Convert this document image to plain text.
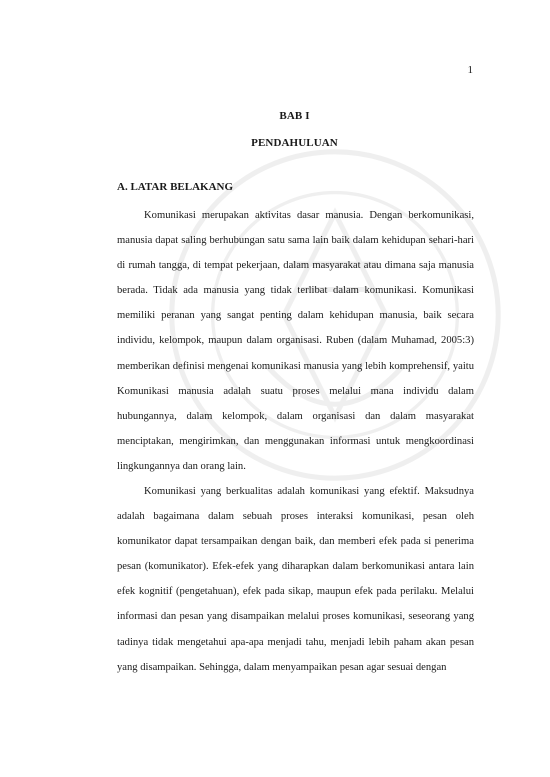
1
BAB I
PENDAHULUAN
A. LATAR BELAKANG

Komunikasi merupakan aktivitas dasar manusia. Dengan berkomunikasi, manusia dapat saling berhubungan satu sama lain baik dalam kehidupan sehari-hari di rumah tangga, di tempat pekerjaan, dalam masyarakat atau dimana saja manusia berada. Tidak ada manusia yang tidak terlibat dalam komunikasi. Komunikasi memiliki peranan yang sangat penting dalam kehidupan manusia, baik secara individu, kelompok, maupun dalam organisasi. Ruben (dalam Muhamad, 2005:3) memberikan definisi mengenai komunikasi manusia yang lebih komprehensif, yaitu Komunikasi manusia adalah suatu proses melalui mana individu dalam hubungannya, dalam kelompok, dalam organisasi dan dalam masyarakat menciptakan, mengirimkan, dan menggunakan informasi untuk mengkoordinasi lingkungannya dan orang lain.

Komunikasi yang berkualitas adalah komunikasi yang efektif. Maksudnya adalah bagaimana dalam sebuah proses interaksi komunikasi, pesan oleh komunikator dapat tersampaikan dengan baik, dan memberi efek pada si penerima pesan (komunikator). Efek-efek yang diharapkan dalam berkomunikasi antara lain efek kognitif (pengetahuan), efek pada sikap, maupun efek pada perilaku. Melalui informasi dan pesan yang disampaikan melalui proses komunikasi, seseorang yang tadinya tidak mengetahui apa-apa menjadi tahu, menjadi lebih paham akan pesan yang disampaikan. Sehingga, dalam menyampaikan pesan agar sesuai dengan
